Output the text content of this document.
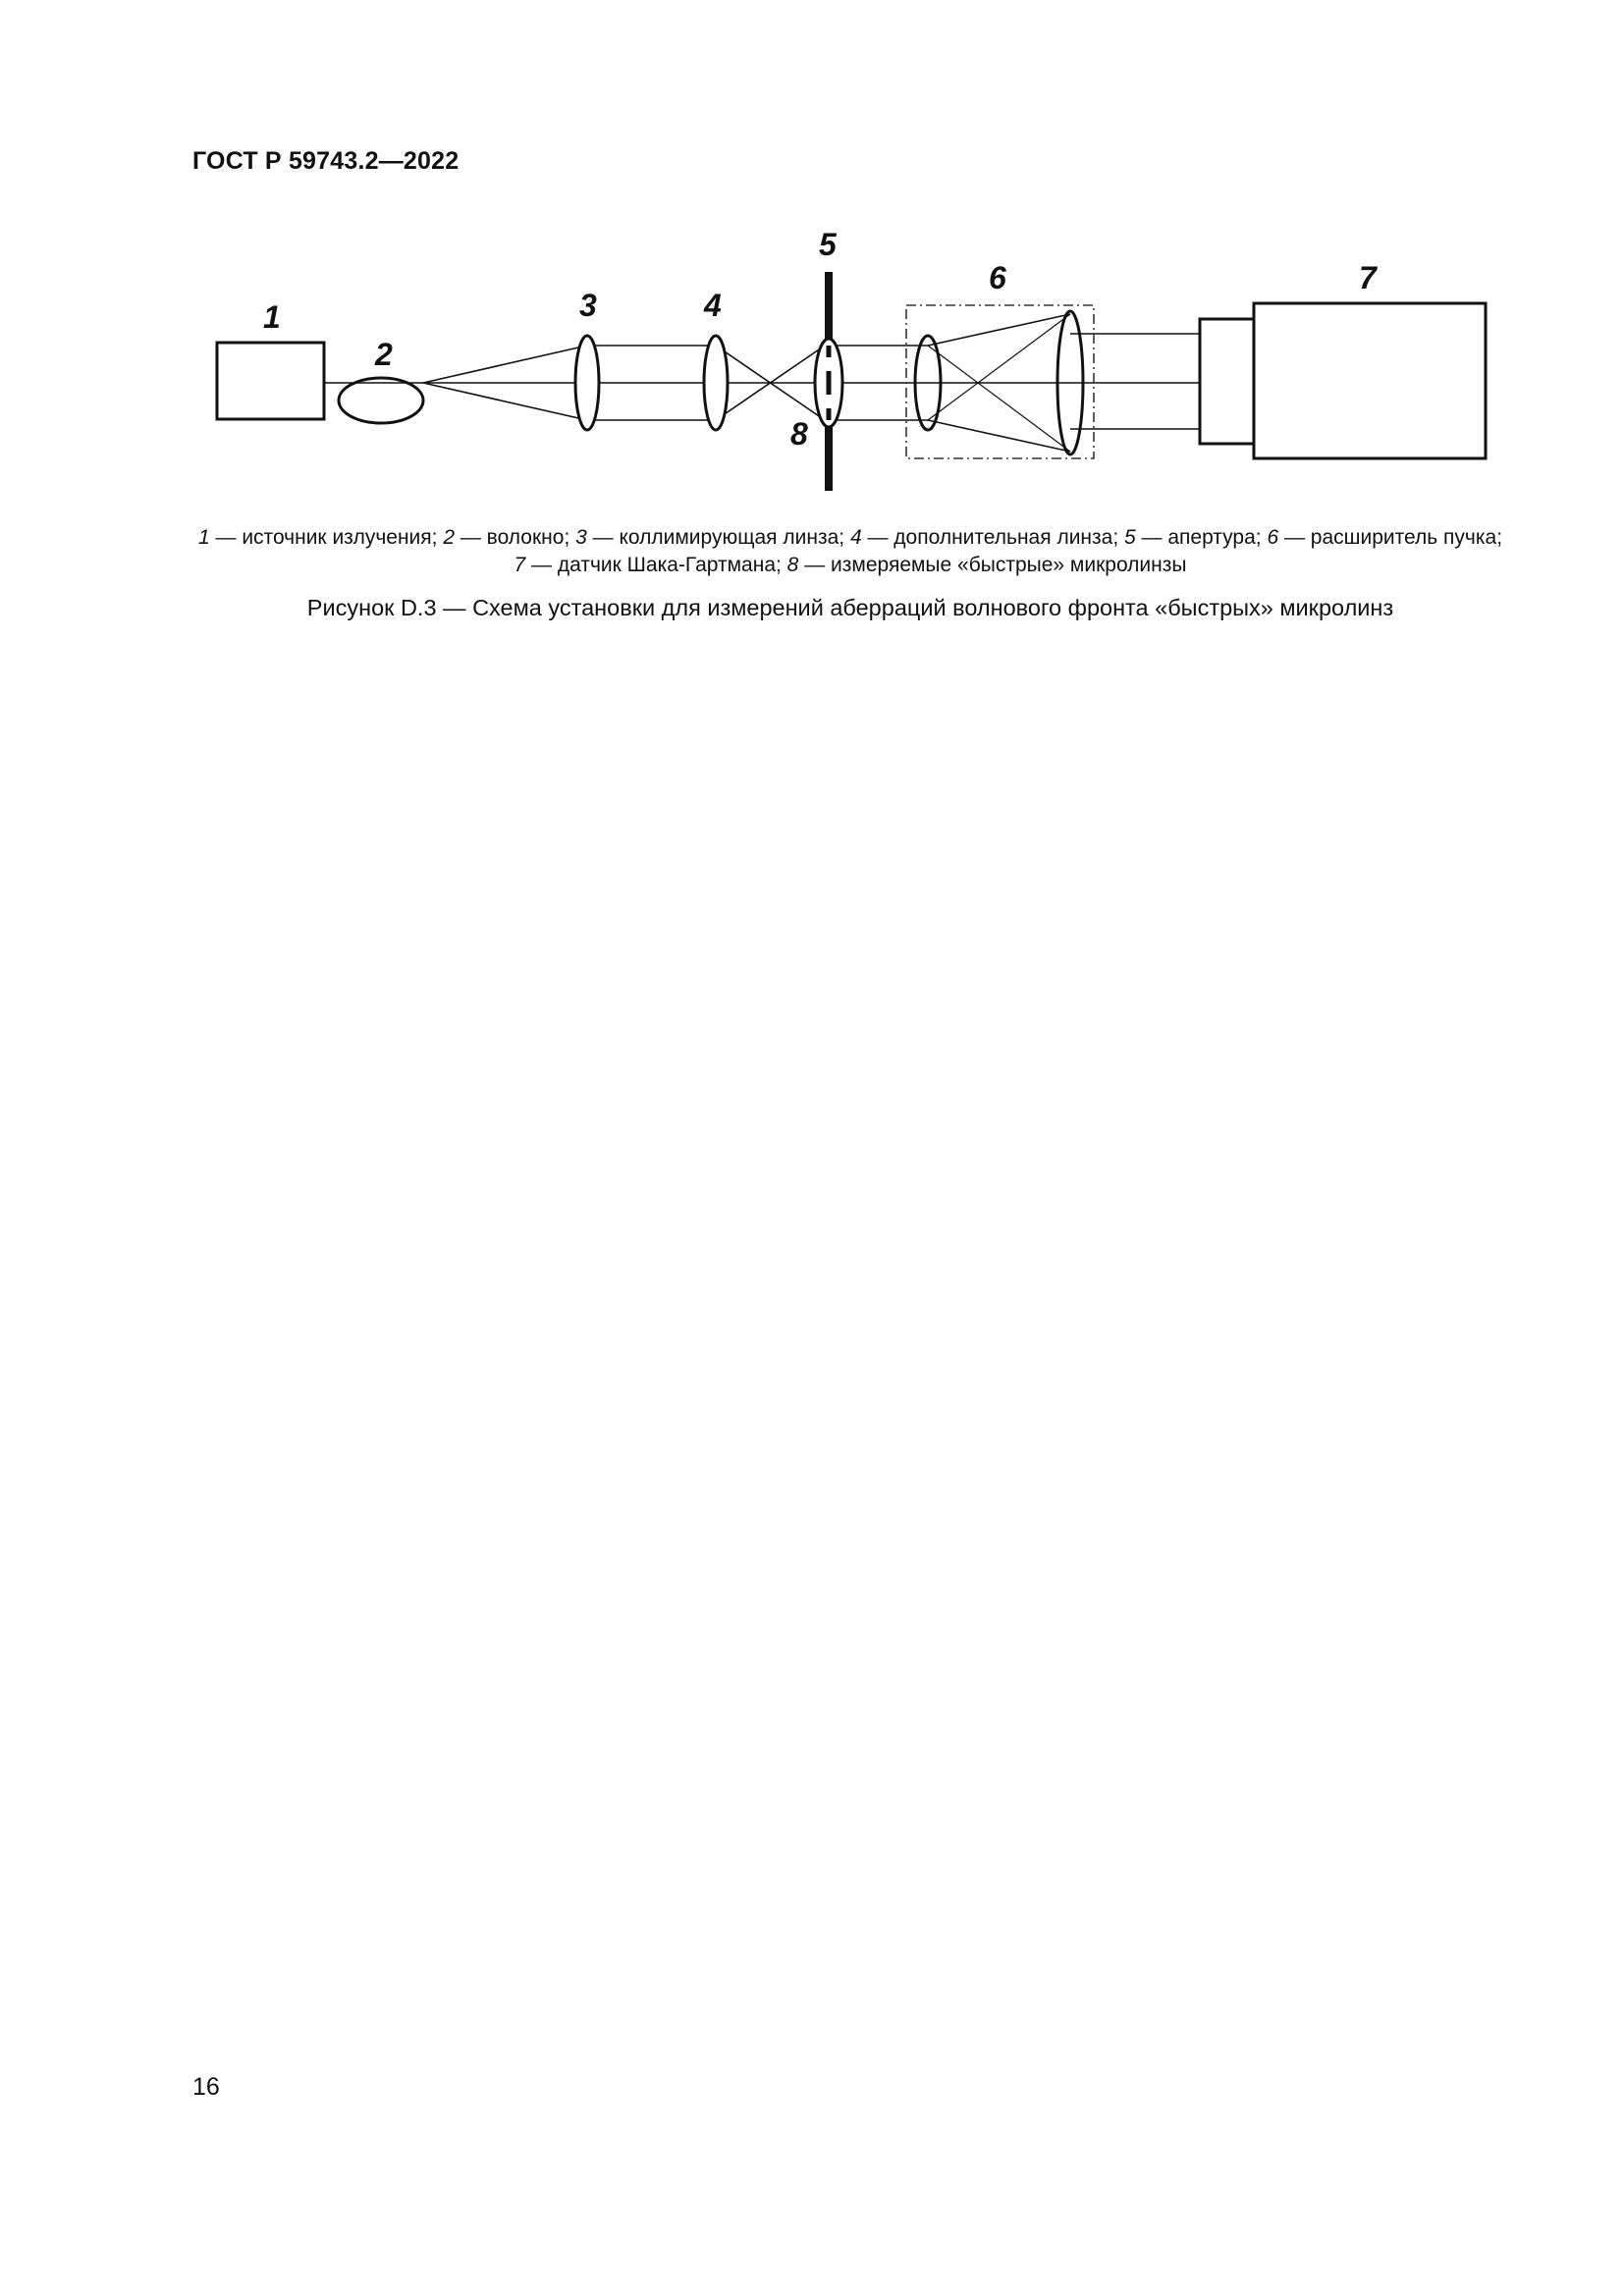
ГОСТ Р 59743.2—2022
1
2
3	4
5
6	7
8
1 — источник излучения; 2 — волокно; 3 — коллимирующая линза; 4 — дополнительная линза; 5 — апертура; 6 — расширитель пучка; 7 — датчик Шака-Гартмана; 8 — измеряемые «быстрые» микролинзы
Рисунок D.3 — Схема установки для измерений аберраций волнового фронта «быстрых» микролинз
16
